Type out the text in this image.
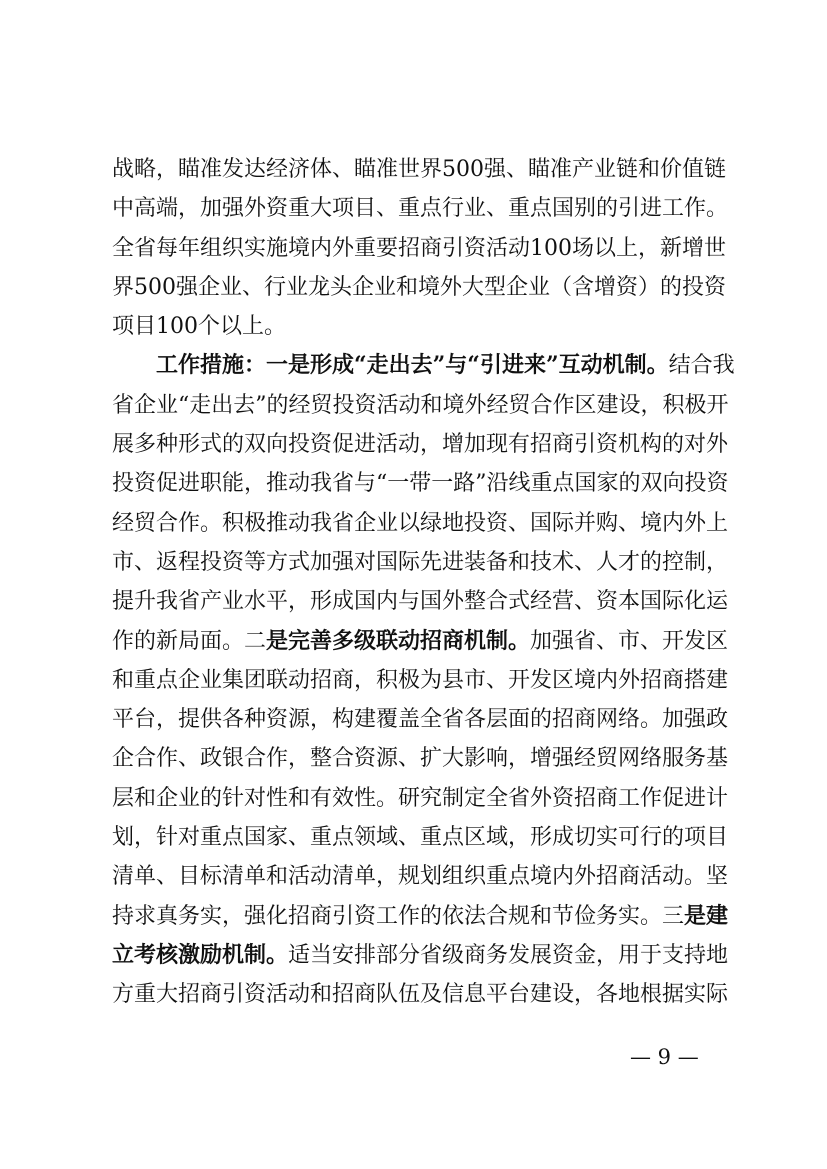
战略，瞄准发达经济体、瞄准世界500强、瞄准产业链和价值链
中高端，加强外资重大项目、重点行业、重点国别的引进工作。
全省每年组织实施境内外重要招商引资活动100场以上，新增世
界500强企业、行业龙头企业和境外大型企业（含增资）的投资
项目100个以上。
工作措施：一是形成“走出去”与“引进来”互动机制。结合我
省企业“走出去”的经贸投资活动和境外经贸合作区建设，积极开
展多种形式的双向投资促进活动，增加现有招商引资机构的对外
投资促进职能，推动我省与“一带一路”沿线重点国家的双向投资
经贸合作。积极推动我省企业以绿地投资、国际并购、境内外上
市、返程投资等方式加强对国际先进装备和技术、人才的控制，
提升我省产业水平，形成国内与国外整合式经营、资本国际化运
作的新局面。二是完善多级联动招商机制。加强省、市、开发区
和重点企业集团联动招商，积极为县市、开发区境内外招商搭建
平台，提供各种资源，构建覆盖全省各层面的招商网络。加强政
企合作、政银合作，整合资源、扩大影响，增强经贸网络服务基
层和企业的针对性和有效性。研究制定全省外资招商工作促进计
划，针对重点国家、重点领域、重点区域，形成切实可行的项目
清单、目标清单和活动清单，规划组织重点境内外招商活动。坚
持求真务实，强化招商引资工作的依法合规和节俭务实。三是建
立考核激励机制。适当安排部分省级商务发展资金，用于支持地
方重大招商引资活动和招商队伍及信息平台建设，各地根据实际
— 9 —
